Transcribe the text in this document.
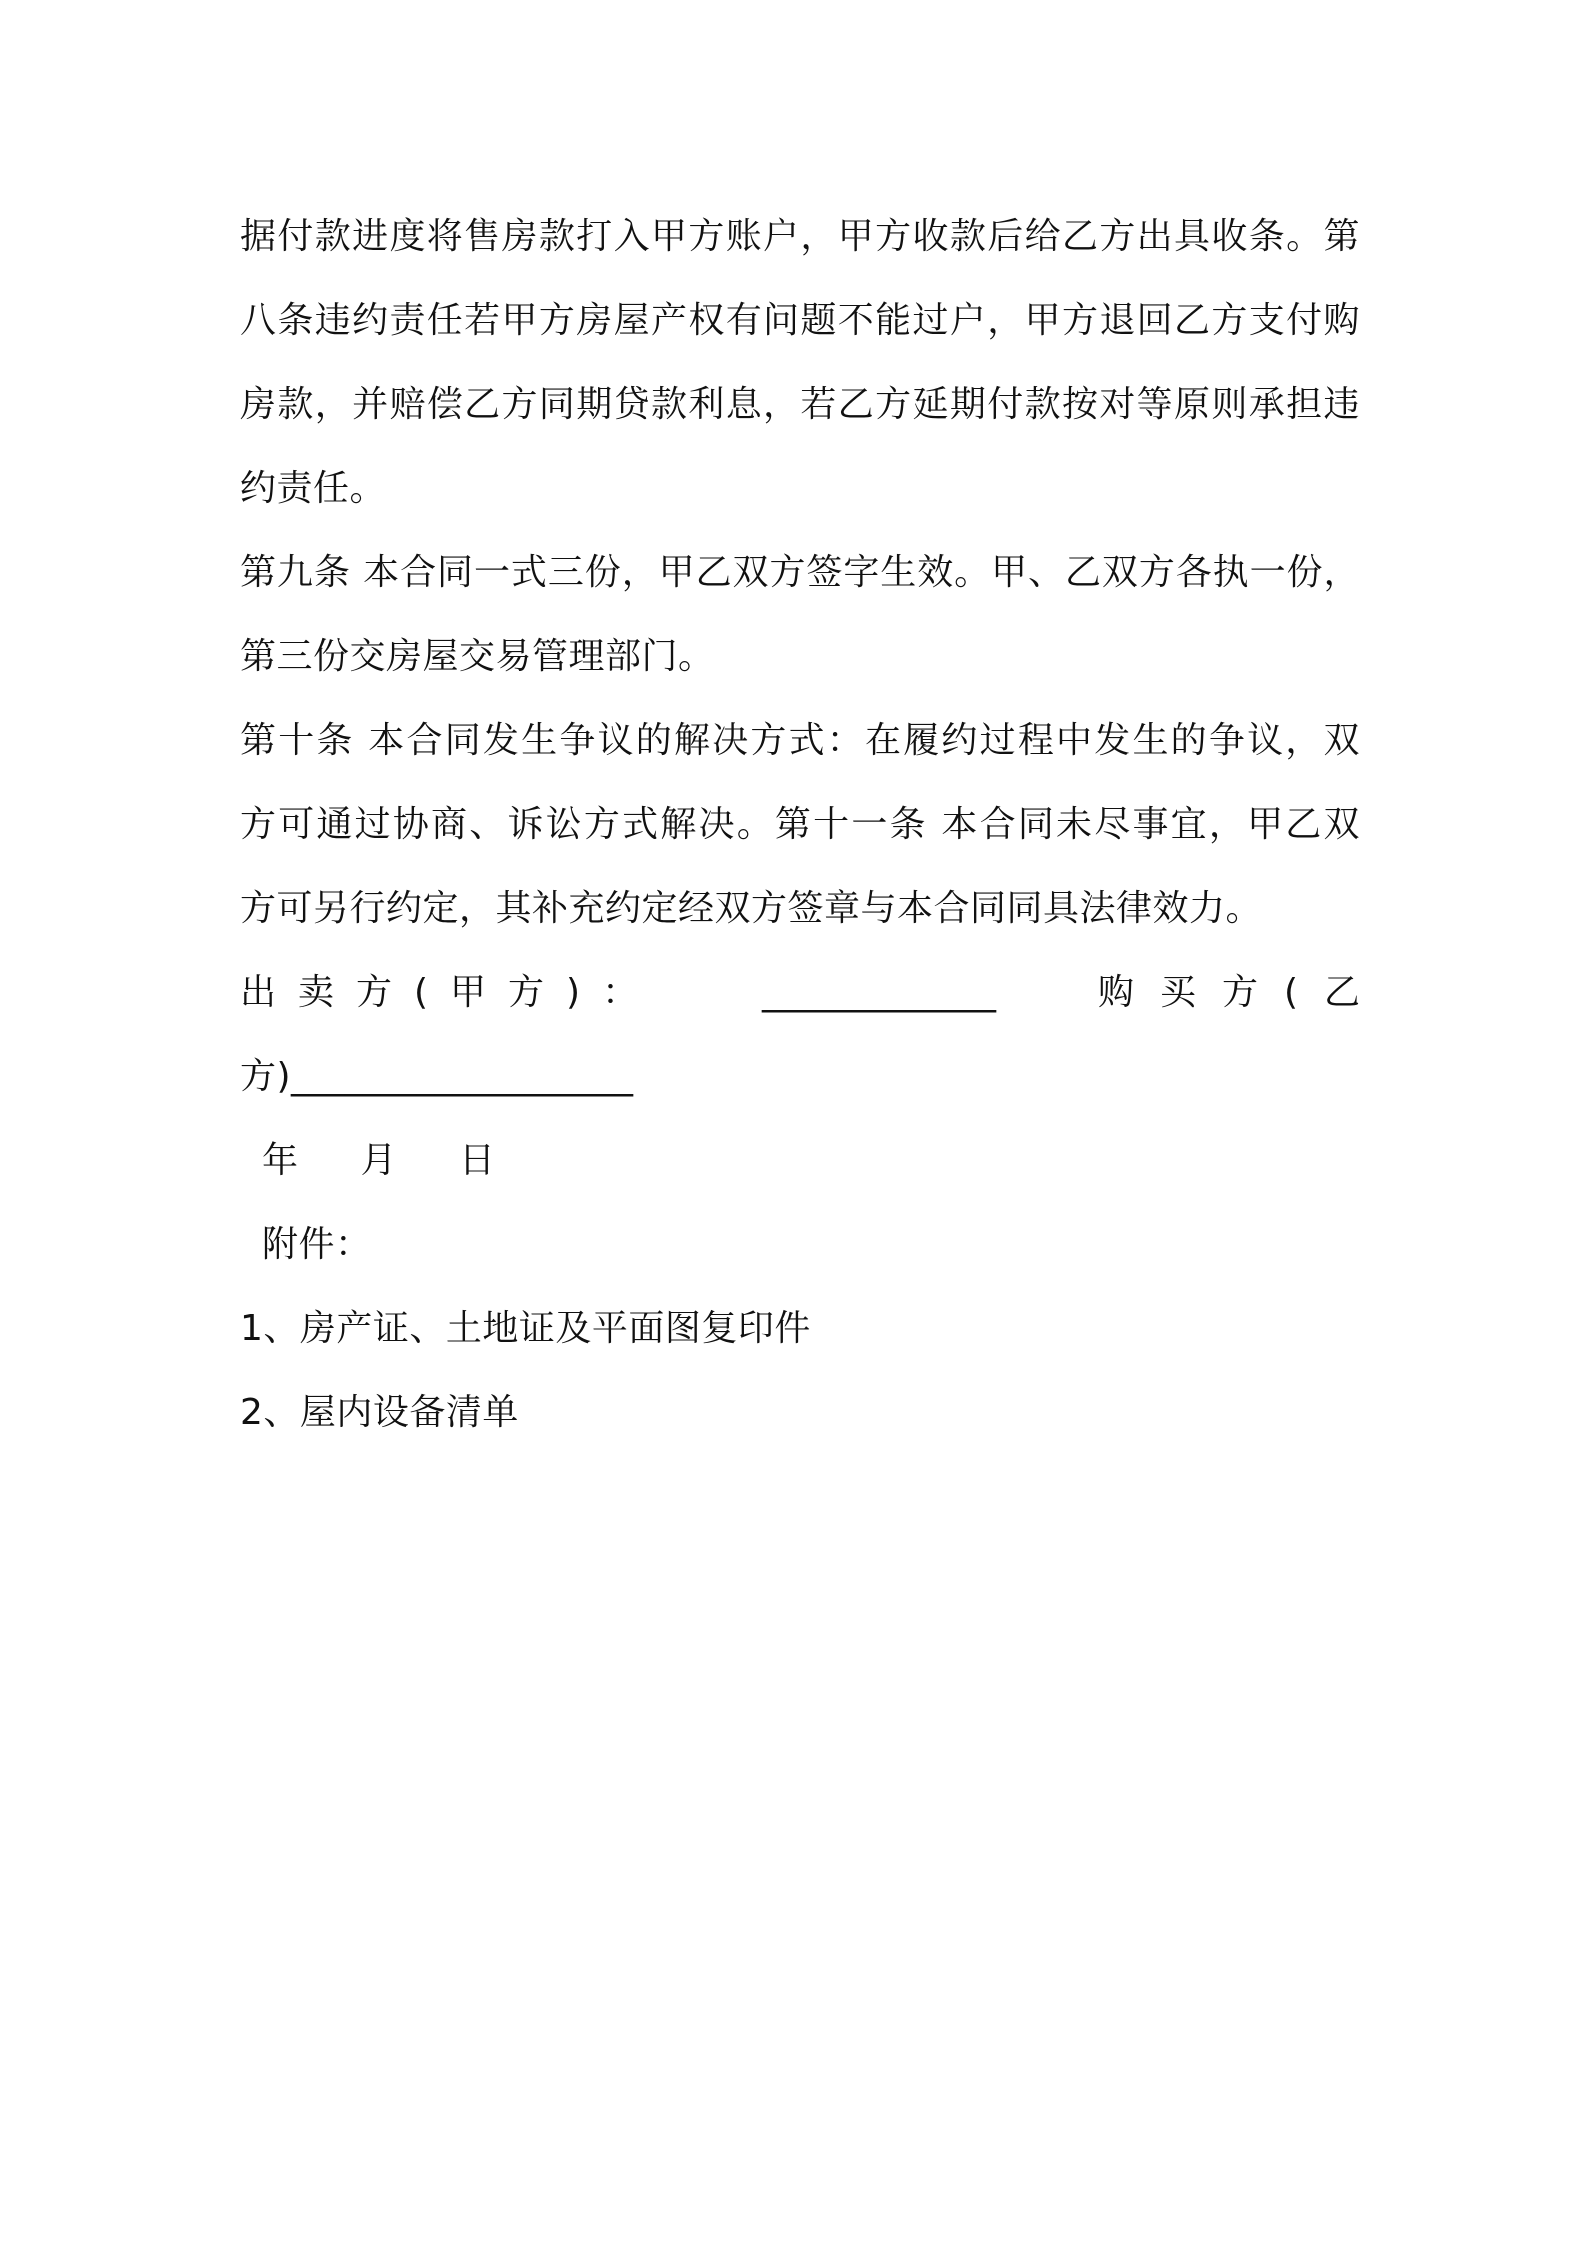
据付款进度将售房款打入甲方账户，甲方收款后给乙方出具收条。第
八条违约责任若甲方房屋产权有问题不能过户，甲方退回乙方支付购
房款，并赔偿乙方同期贷款利息，若乙方延期付款按对等原则承担违
约责任。
第九条 本合同一式三份，甲乙双方签字生效。甲、乙双方各执一份，
第三份交房屋交易管理部门。
第十条 本合同发生争议的解决方式：在履约过程中发生的争议，双
方可通过协商、诉讼方式解决。第十一条 本合同未尽事宜，甲乙双
方可另行约定，其补充约定经双方签章与本合同同具法律效力。
出卖方(甲方)：	_____________	购买方(乙
方)___________________
年 月 日
附件：
1、房产证、土地证及平面图复印件
2、屋内设备清单
